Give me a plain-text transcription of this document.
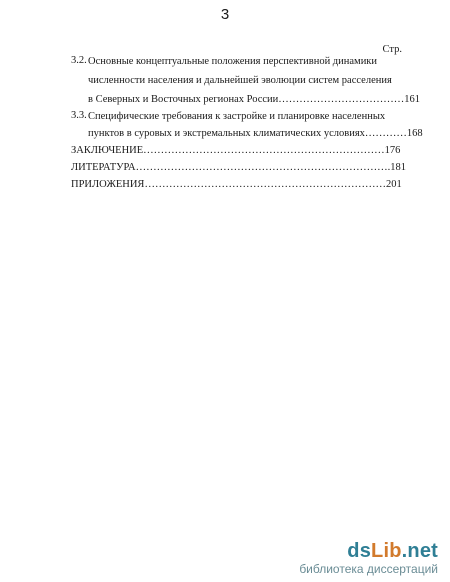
3
Стр.
3.2. Основные концептуальные положения перспективной динамики
численности населения и дальнейшей эволюции систем расселения
в Северных и Восточных регионах России………………………………161
3.3. Специфические требования к застройке и планировке населенных
пунктов в суровых и экстремальных климатических условиях…………168
ЗАКЛЮЧЕНИЕ……………………………………………………………176
ЛИТЕРАТУРА……………………………………………………………….181
ПРИЛОЖЕНИЯ……………………………………………………………201
dsLib.net
библиотека диссертаций
